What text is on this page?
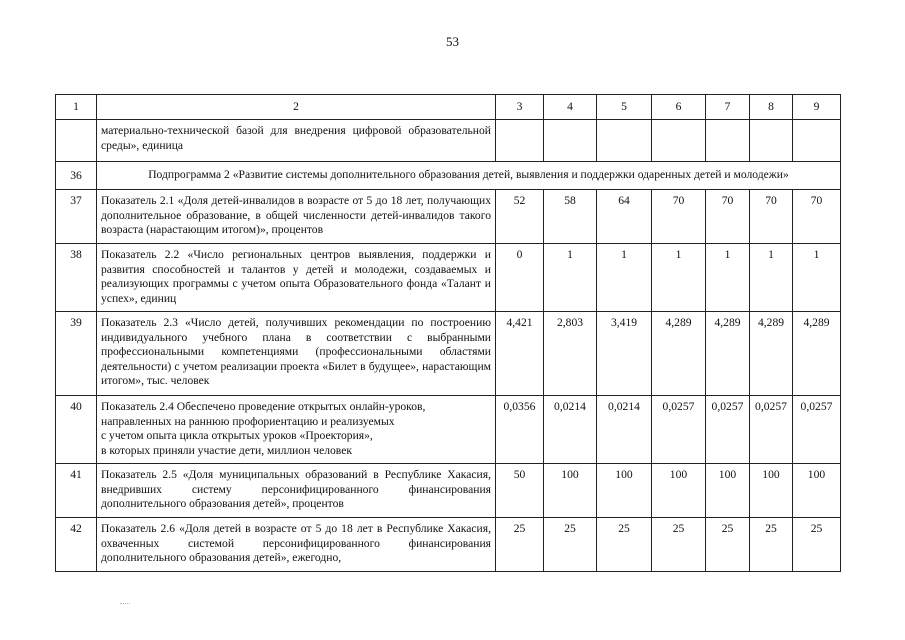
53
1	2	3	4	5	6	7	8	9
	материально-технической базой для внедрения цифровой образовательной среды», единица							
36	Подпрограмма 2 «Развитие системы дополнительного образования детей, выявления и поддержки одаренных детей и молодежи»							
37	Показатель 2.1 «Доля детей-инвалидов в возрасте от 5 до 18 лет, получающих дополнительное образование, в общей численности детей-инвалидов такого возраста (нарастающим итогом)», процентов	52	58	64	70	70	70	70
38	Показатель 2.2 «Число региональных центров выявления, поддержки и развития способностей и талантов у детей и молодежи, создаваемых и реализующих программы с учетом опыта Образовательного фонда «Талант и успех», единиц	0	1	1	1	1	1	1
39	Показатель 2.3 «Число детей, получивших рекомендации по построению индивидуального учебного плана в соответствии с выбранными профессиональными компетенциями (профессиональными областями деятельности) с учетом реализации проекта «Билет в будущее», нарастающим итогом», тыс. человек	4,421	2,803	3,419	4,289	4,289	4,289	4,289
40	Показатель 2.4 Обеспечено проведение открытых онлайн-уроков,
направленных на раннюю профориентацию и реализуемых
с учетом опыта цикла открытых уроков «Проектория»,
в которых приняли участие дети, миллион человек	0,0356	0,0214	0,0214	0,0257	0,0257	0,0257	0,0257
41	Показатель 2.5 «Доля муниципальных образований в Республике Хакасия, внедривших систему персонифицированного финансирования дополнительного образования детей», процентов	50	100	100	100	100	100	100
42	Показатель 2.6 «Доля детей в возрасте от 5 до 18 лет в Республике Хакасия, охваченных системой персонифицированного финансирования дополнительного образования детей», ежегодно,	25	25	25	25	25	25	25
